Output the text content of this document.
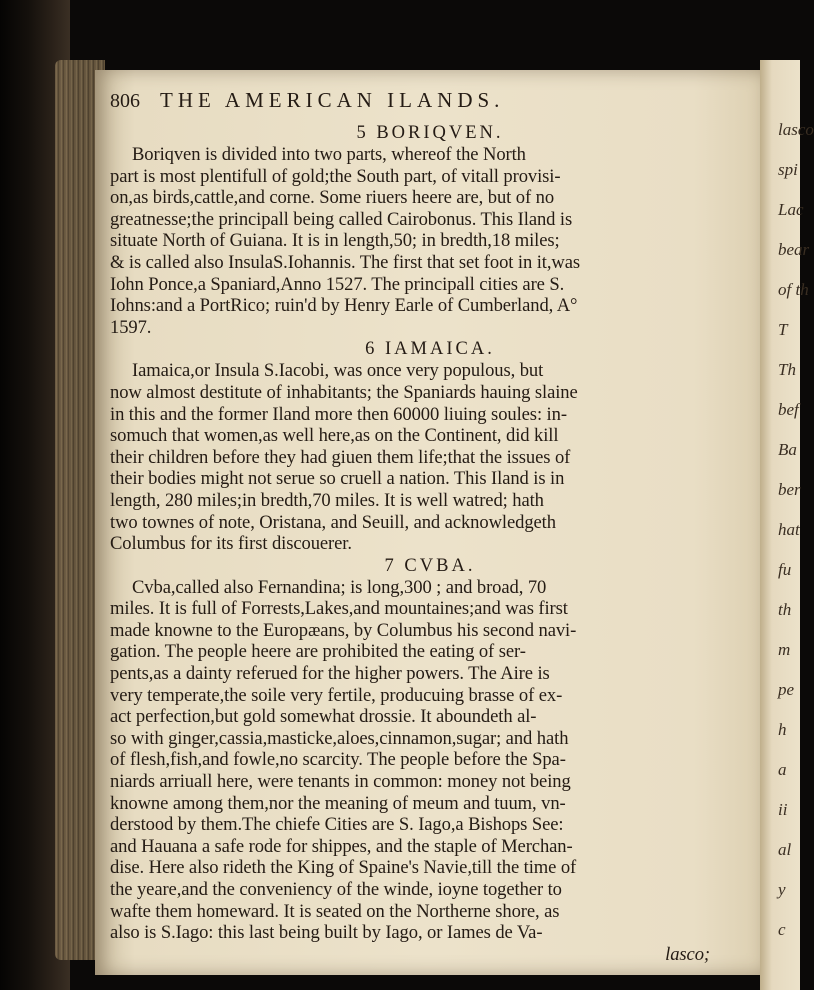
lasco
spi
Lac
bear
of th
T
Th
bef
Ba
ber
hat
fu
th
m
pe
h
a
ii
al
y
c
806 THE AMERICAN ILANDS.
5 BORIQVEN.
Boriqven is divided into two parts, whereof the North
part is most plentifull of gold;the South part, of vitall provisi-
on,as birds,cattle,and corne. Some riuers heere are, but of no
greatnesse;the principall being called Cairobonus. This Iland is
situate North of Guiana. It is in length,50; in bredth,18 miles;
& is called also InsulaS.Iohannis. The first that set foot in it,was
Iohn Ponce,a Spaniard,Anno 1527. The principall cities are S.
Iohns:and a PortRico; ruin'd by Henry Earle of Cumberland, A°
1597.
6 IAMAICA.
Iamaica,or Insula S.Iacobi, was once very populous, but
now almost destitute of inhabitants; the Spaniards hauing slaine
in this and the former Iland more then 60000 liuing soules: in-
somuch that women,as well here,as on the Continent, did kill
their children before they had giuen them life;that the issues of
their bodies might not serue so cruell a nation. This Iland is in
length, 280 miles;in bredth,70 miles. It is well watred; hath
two townes of note, Oristana, and Seuill, and acknowledgeth
Columbus for its first discouerer.
7 CVBA.
Cvba,called also Fernandina; is long,300 ; and broad, 70
miles. It is full of Forrests,Lakes,and mountaines;and was first
made knowne to the Europæans, by Columbus his second navi-
gation. The people heere are prohibited the eating of ser-
pents,as a dainty referued for the higher powers. The Aire is
very temperate,the soile very fertile, producuing brasse of ex-
act perfection,but gold somewhat drossie. It aboundeth al-
so with ginger,cassia,masticke,aloes,cinnamon,sugar; and hath
of flesh,fish,and fowle,no scarcity. The people before the Spa-
niards arriuall here, were tenants in common: money not being
knowne among them,nor the meaning of meum and tuum, vn-
derstood by them.The chiefe Cities are S. Iago,a Bishops See:
and Hauana a safe rode for shippes, and the staple of Merchan-
dise. Here also rideth the King of Spaine's Navie,till the time of
the yeare,and the conveniency of the winde, ioyne together to
wafte them homeward. It is seated on the Northerne shore, as
also is S.Iago: this last being built by Iago, or Iames de Va-
lasco;
